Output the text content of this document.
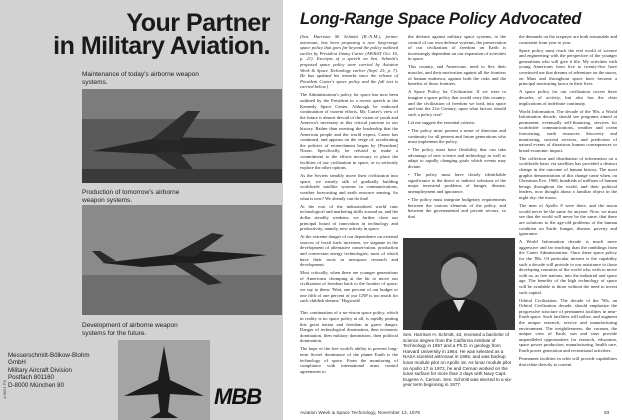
Your Partner
in Military Aviation.
Maintenance of today's airborne weapon systems.
Production of tomorrow's airborne weapon systems.
Development of airborne weapon systems for the future.
Messerschmitt-Bölkow-Blohm
GmbH
Military Aircraft Division
Postfach 801160
D-8000 München 80	MBB
A 8621 PS
Long-Range Space Policy Advocated

(Sen. Harrison M. Schmitt (R.-N.M.), former astronaut, has been proposing a new long-range space policy that goes far beyond the policy outlined earlier by President Jimmy Carter (AW&ST Oct. 16, p. 21). Excerpts of a speech on Sen. Schmitt's proposed space policy were carried by Aviation Week & Space Technology earlier (Sept. 25, p. 7). He has updated his remarks since the release of President Carter's space policy and the full text is carried below.)

The Administration's policy for space has now been outlined by the President in a recent speech at the Kennedy Space Center. Although he endorsed continuation of current efforts, Mr. Carter's view of the future is almost devoid of the vision of youth and America's necessary at this critical juncture in our history. Rather than exerting the leadership that the American people and the world expect, Carter has continued, and appears on the verge of, accelerating the policies of retrenchment begun by [President] Nixon. Specifically, he refused to make a commitment to the efforts necessary to place the facilities of our civilization in space, or to seriously explore the other options.

As the Soviets steadily move their civilization into space, we merely talk of gradually building worldwide satellite systems in communications, weather forecasting and earth resource sensing. So what is new? We already can do that!

At the root of the industrialized world runs technological and marketing skills around us, and the dollar steadily weakens, we further close our principal hoard of innovation in technology and productivity, namely, new activity in space.

At the extreme danger of our dependence on external sources of fossil fuels increases, we stagnate in the development of alternative conservation, production and conversion energy technologies, most of which have their roots in aerospace research and development.

Most critically, when there are younger generations of Americans chomping at the bit to move our civilization of freedom back to the frontier of space, we say to them: 'Wait, one percent of our budget or one fifth of one percent of our GNP is too much for such childish dreams.' Hogwash!

This continuation of a no-vision space policy, which in reality is no space policy at all, is rapidly putting this great nation and freedom in grave danger. Danger of technological domination, then economic domination, then military domination, then political domination.

The hope of the free world's ability to prevent long-term Soviet dominance of the planet Earth is the technology of space. From the monitoring of compliance with international arms control agreements to

the defense against military space systems, to the control of our own defense systems, the preservation of our civilization of freedom on Earth is increasingly dependent on our expansion of activities in space.

This country, and Americans, need to flex their muscles, and their motivation against all the frontiers of human endeavor, against both the risks and the benefits of those frontiers.

A Space Policy for Civilization. If we were to imagine a space policy that would carry this country, and the civilization of freedom we lead, into space and into the 21st Century, upon what factors should such a policy rest?

Let me suggest the essential criteria:

• The policy must present a sense of direction and continuity for all present and future generations who must implement the policy.

• The policy must have flexibility that can take advantage of new science and technology as well as adapt to rapidly changing goals which events may dictate.

• The policy must have clearly identifiable significance to the direct or indirect solutions of the major terrestrial problems of hunger, disease, unemployment and ignorance.

• The policy must integrate budgetary requirements between the various elements of the policy, and between the governmental and private sectors, so that

Sen. Harrison H. Schmitt, 43, received a bachelor of science degree from the California Institute of Technology in 1957 and a Ph.D. in geology from Harvard University in 1964. He was selected as a NASA scientist astronaut in 1965, and was backup lunar module pilot on Apollo 15. As lunar module pilot on Apollo 17 in 1972, he and Cernan worked on the lunar surface for more than 3 days with Navy Capt. Eugene A. Cernan. Sen. Schmitt was elected to a six-year term beginning in 1977.

the demands on the taxpayer are both reasonable and consistent from year to year.

Space policy must reach the real world of science and engineering with the perspective of the younger generations who will give it life. My activities with young Americans from five to twenty-five have convinced me that dreams of adventure on the moon, on Mars and throughout space have become a principal motivating factor in their lives.

A space policy for our civilization covers three decades of activity, but also has the clear implications of indefinite continuity.

World Information. The decade of the '80s, a World Information decade, should see programs aimed at permanent, eventually self-financing, services for worldwide communications, weather and ocean forecasting, earth resources discovery and monitoring, societal services, and prediction of natural events of disastrous human consequences or broad economic impact.

The collection and distribution of information on a worldwide basis via satellites has provided a distinct change in the outcome of human history. The most graphic demonstration of this change came when, on Christmas Eve, 1968, hundreds of millions of human beings throughout the world, and their political leaders, now thought about a familiar object in the night sky: the moon.

The men of Apollo 8 were there, and the moon would never be the same for anyone. Now, we must see that the world will never be the same, that there are solutions to the age-old problems of the human condition on Earth: hunger, disease, poverty and ignorance.

A World Information decade is much more aggressive and far reaching than the ramblings from the Carter Administration. Once these space policy for the '80s. Of particular interest is the capability such a decade will provide to our assistance to those developing countries of the world who wish to move with us, as free nations, into the industrial and space age. The benefits of the high technology of space will be available to those without the need to invest such capital.

Orbital Civilization. The decade of the '90s, an Orbital Civilization decade, should emphasize the progressive structure of permanent facilities in near-Earth space. Such facilities will utilize, and augment the unique research, service and manufacturing environment. The weightlessness, the vacuum, the unique view of Earth, sun and stars provide unparalleled opportunities for research, education, space power production, manufacturing, health care, Earth power generation and recreational activities.

Permanent facilities in orbit will provide capabilities that relate directly to current

Aviation Week & Space Technology, November 13, 1978	83
